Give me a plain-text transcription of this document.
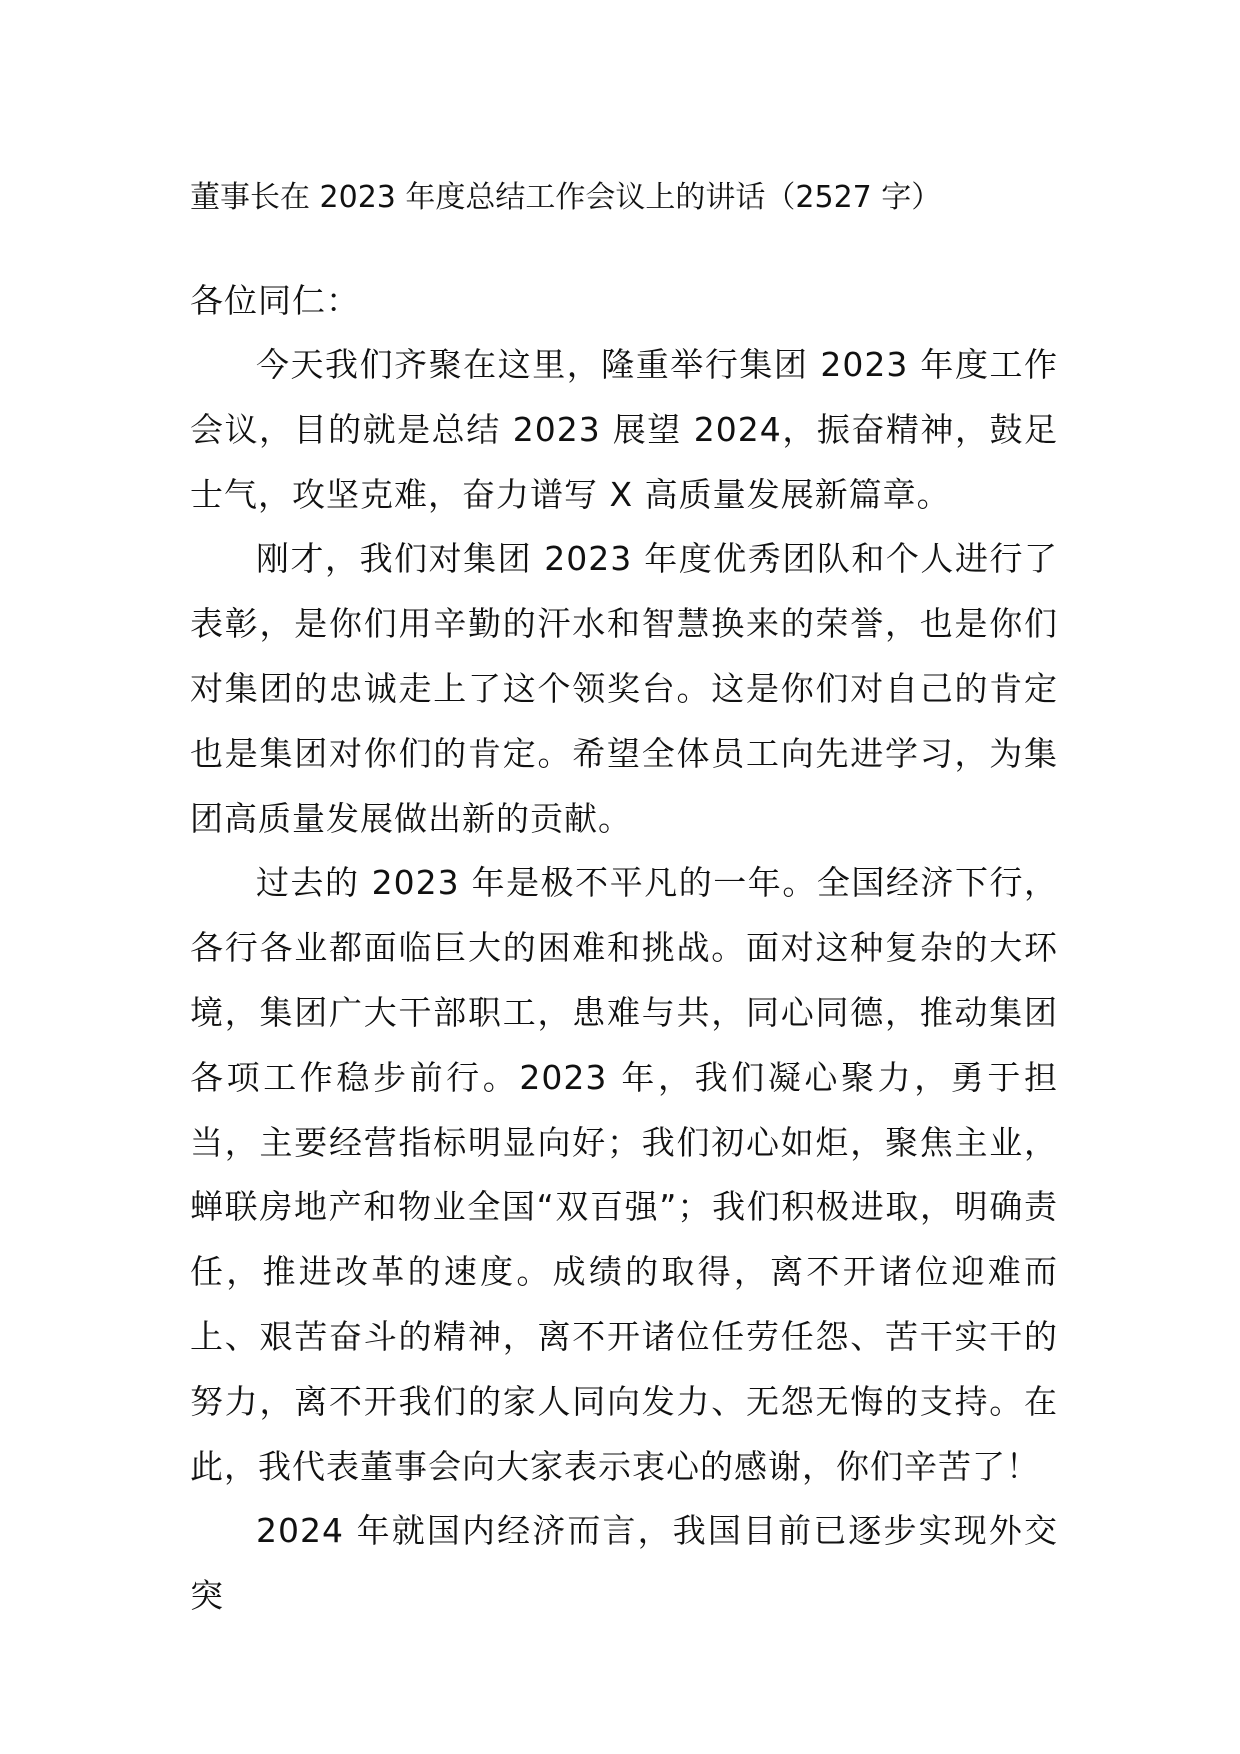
董事长在 2023 年度总结工作会议上的讲话（2527 字）

各位同仁：

今天我们齐聚在这里，隆重举行集团 2023 年度工作会议，目的就是总结 2023 展望 2024，振奋精神，鼓足士气，攻坚克难，奋力谱写 X 高质量发展新篇章。

刚才，我们对集团 2023 年度优秀团队和个人进行了表彰，是你们用辛勤的汗水和智慧换来的荣誉，也是你们对集团的忠诚走上了这个领奖台。这是你们对自己的肯定也是集团对你们的肯定。希望全体员工向先进学习，为集团高质量发展做出新的贡献。

过去的 2023 年是极不平凡的一年。全国经济下行，各行各业都面临巨大的困难和挑战。面对这种复杂的大环境，集团广大干部职工，患难与共，同心同德，推动集团各项工作稳步前行。2023 年，我们凝心聚力，勇于担当，主要经营指标明显向好；我们初心如炬，聚焦主业，蝉联房地产和物业全国“双百强”；我们积极进取，明确责任，推进改革的速度。成绩的取得，离不开诸位迎难而上、艰苦奋斗的精神，离不开诸位任劳任怨、苦干实干的努力，离不开我们的家人同向发力、无怨无悔的支持。在此，我代表董事会向大家表示衷心的感谢，你们辛苦了！

2024 年就国内经济而言，我国目前已逐步实现外交突
